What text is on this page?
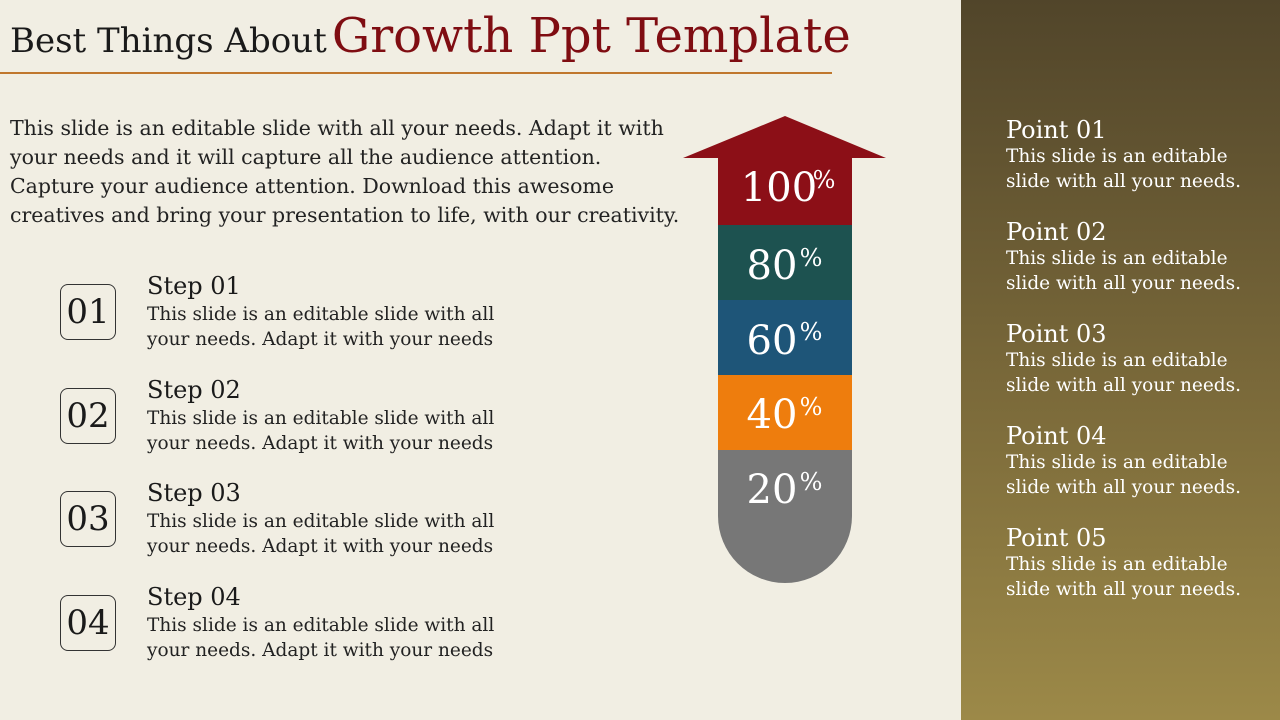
Best Things About Growth Ppt Template
This slide is an editable slide with all your needs. Adapt it with your needs and it will capture all the audience attention. Capture your audience attention. Download this awesome creatives and bring your presentation to life, with our creativity.
01
Step 01
This slide is an editable slide with all your needs. Adapt it with your needs
02
Step 02
This slide is an editable slide with all your needs. Adapt it with your needs
03
Step 03
This slide is an editable slide with all your needs. Adapt it with your needs
04
Step 04
This slide is an editable slide with all your needs. Adapt it with your needs
100
%
80 %
60 %
40 %
20 %
Point 01
This slide is an editable slide with all your needs.
Point 02
This slide is an editable slide with all your needs.
Point 03
This slide is an editable slide with all your needs.
Point 04
This slide is an editable slide with all your needs.
Point 05
This slide is an editable slide with all your needs.
